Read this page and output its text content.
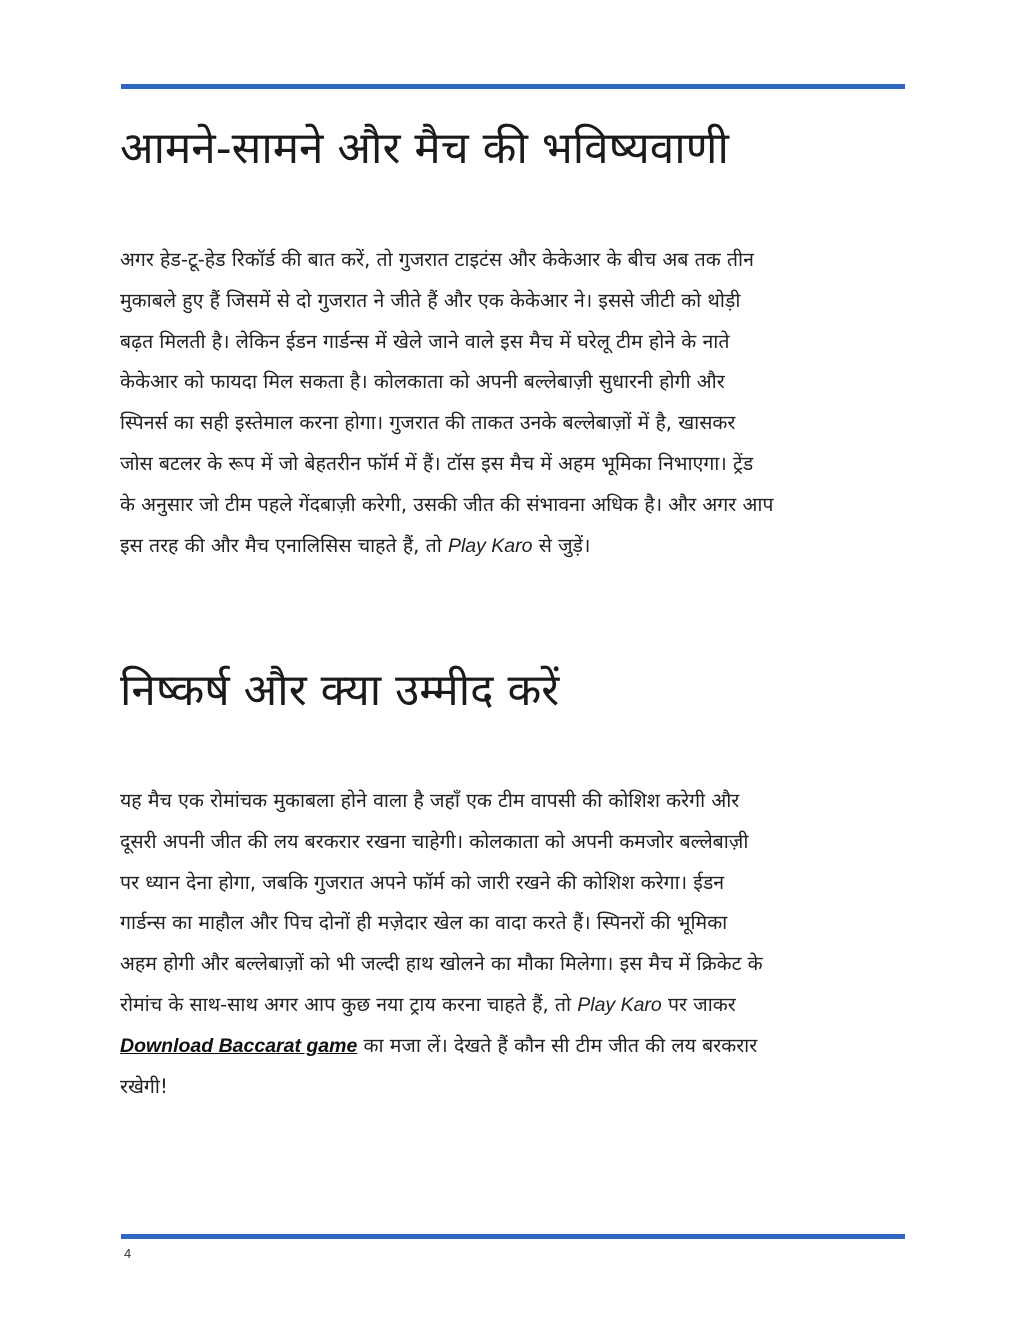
आमने-सामने और मैच की भविष्यवाणी
अगर हेड-टू-हेड रिकॉर्ड की बात करें, तो गुजरात टाइटंस और केकेआर के बीच अब तक तीन
मुकाबले हुए हैं जिसमें से दो गुजरात ने जीते हैं और एक केकेआर ने। इससे जीटी को थोड़ी
बढ़त मिलती है। लेकिन ईडन गार्डन्स में खेले जाने वाले इस मैच में घरेलू टीम होने के नाते
केकेआर को फायदा मिल सकता है। कोलकाता को अपनी बल्लेबाज़ी सुधारनी होगी और
स्पिनर्स का सही इस्तेमाल करना होगा। गुजरात की ताकत उनके बल्लेबाज़ों में है, खासकर
जोस बटलर के रूप में जो बेहतरीन फॉर्म में हैं। टॉस इस मैच में अहम भूमिका निभाएगा। ट्रेंड
के अनुसार जो टीम पहले गेंदबाज़ी करेगी, उसकी जीत की संभावना अधिक है। और अगर आप
इस तरह की और मैच एनालिसिस चाहते हैं, तो Play Karo से जुड़ें।
निष्कर्ष और क्या उम्मीद करें
यह मैच एक रोमांचक मुकाबला होने वाला है जहाँ एक टीम वापसी की कोशिश करेगी और
दूसरी अपनी जीत की लय बरकरार रखना चाहेगी। कोलकाता को अपनी कमजोर बल्लेबाज़ी
पर ध्यान देना होगा, जबकि गुजरात अपने फॉर्म को जारी रखने की कोशिश करेगा। ईडन
गार्डन्स का माहौल और पिच दोनों ही मज़ेदार खेल का वादा करते हैं। स्पिनरों की भूमिका
अहम होगी और बल्लेबाज़ों को भी जल्दी हाथ खोलने का मौका मिलेगा। इस मैच में क्रिकेट के
रोमांच के साथ-साथ अगर आप कुछ नया ट्राय करना चाहते हैं, तो Play Karo पर जाकर
Download Baccarat game का मजा लें। देखते हैं कौन सी टीम जीत की लय बरकरार
रखेगी!
4
